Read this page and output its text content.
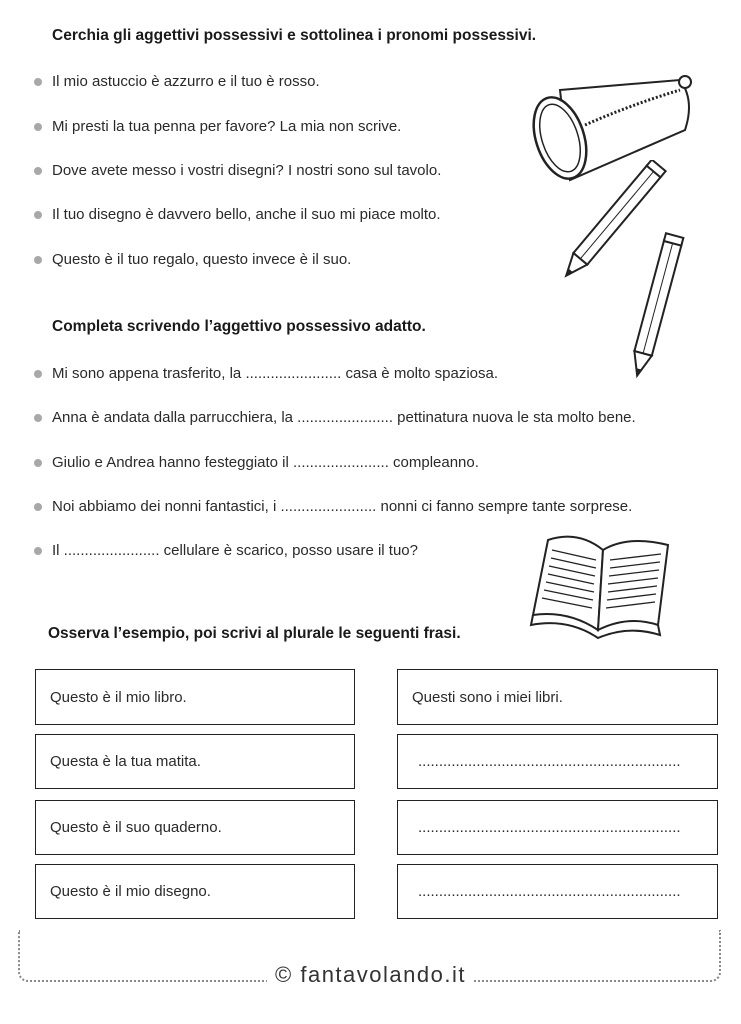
Cerchia gli aggettivi possessivi e sottolinea i pronomi possessivi.
Il mio astuccio è azzurro e il tuo è rosso.
Mi presti la tua penna per favore? La mia non scrive.
Dove avete messo i vostri disegni? I nostri sono sul tavolo.
Il tuo disegno è davvero bello, anche il suo mi piace molto.
Questo è il tuo regalo, questo invece è il suo.
Completa scrivendo l’aggettivo possessivo adatto.
Mi sono appena trasferito, la ....................... casa è molto spaziosa.
Anna è andata dalla parrucchiera, la ....................... pettinatura nuova le sta molto bene.
Giulio e Andrea hanno festeggiato il ....................... compleanno.
Noi abbiamo dei nonni fantastici, i ....................... nonni ci fanno sempre tante sorprese.
Il ....................... cellulare è scarico, posso usare il tuo?
Osserva l’esempio, poi scrivi al plurale le seguenti frasi.
Questo è il mio libro.	Questi sono i miei libri.
Questa è la tua matita.	...............................................................
Questo è il suo quaderno.	...............................................................
Questo è il mio disegno.	...............................................................
© fantavolando.it
